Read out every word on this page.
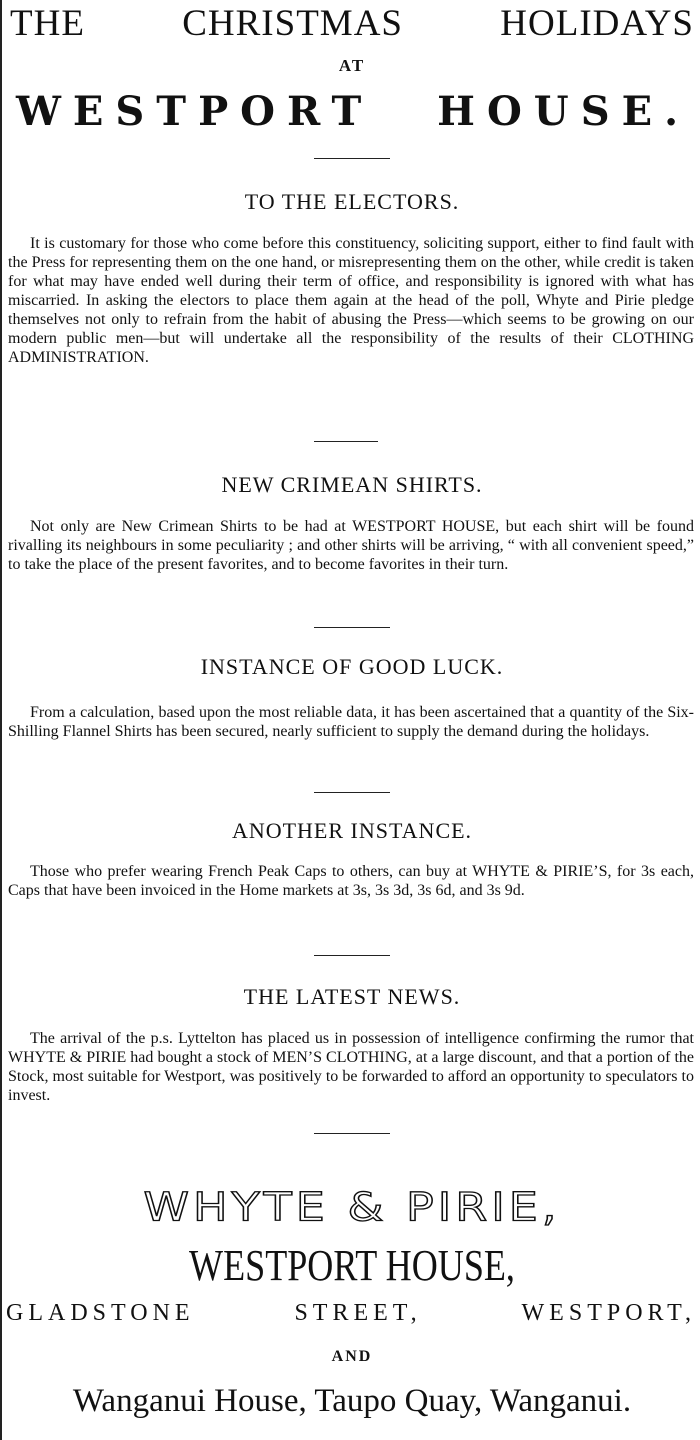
THE	CHRISTMAS	HOLIDAYS
AT
WESTPORT HOUSE.
TO THE ELECTORS.
It is customary for those who come before this constituency, soliciting support, either to find fault with the Press for representing them on the one hand, or misrepresenting them on the other, while credit is taken for what may have ended well during their term of office, and responsibility is ignored with what has miscarried. In asking the electors to place them again at the head of the poll, Whyte and Pirie pledge themselves not only to refrain from the habit of abusing the Press—which seems to be growing on our modern public men—but will undertake all the responsibility of the results of their CLOTHING ADMINISTRATION.
NEW CRIMEAN SHIRTS.
Not only are New Crimean Shirts to be had at WESTPORT HOUSE, but each shirt will be found rivalling its neighbours in some peculiarity ; and other shirts will be arriving, “ with all convenient speed,” to take the place of the present favorites, and to become favorites in their turn.
INSTANCE OF GOOD LUCK.
From a calculation, based upon the most reliable data, it has been ascertained that a quantity of the Six-Shilling Flannel Shirts has been secured, nearly sufficient to supply the demand during the holidays.
ANOTHER INSTANCE.
Those who prefer wearing French Peak Caps to others, can buy at WHYTE & PIRIE’S, for 3s each, Caps that have been invoiced in the Home markets at 3s, 3s 3d, 3s 6d, and 3s 9d.
THE LATEST NEWS.
The arrival of the p.s. Lyttelton has placed us in possession of intelligence confirming the rumor that WHYTE & PIRIE had bought a stock of MEN’S CLOTHING, at a large discount, and that a portion of the Stock, most suitable for Westport, was positively to be forwarded to afford an opportunity to speculators to invest.
WHYTE & PIRIE,
WESTPORT HOUSE,
GLADSTONE	STREET,	WESTPORT,
AND
Wanganui House, Taupo Quay, Wanganui.
